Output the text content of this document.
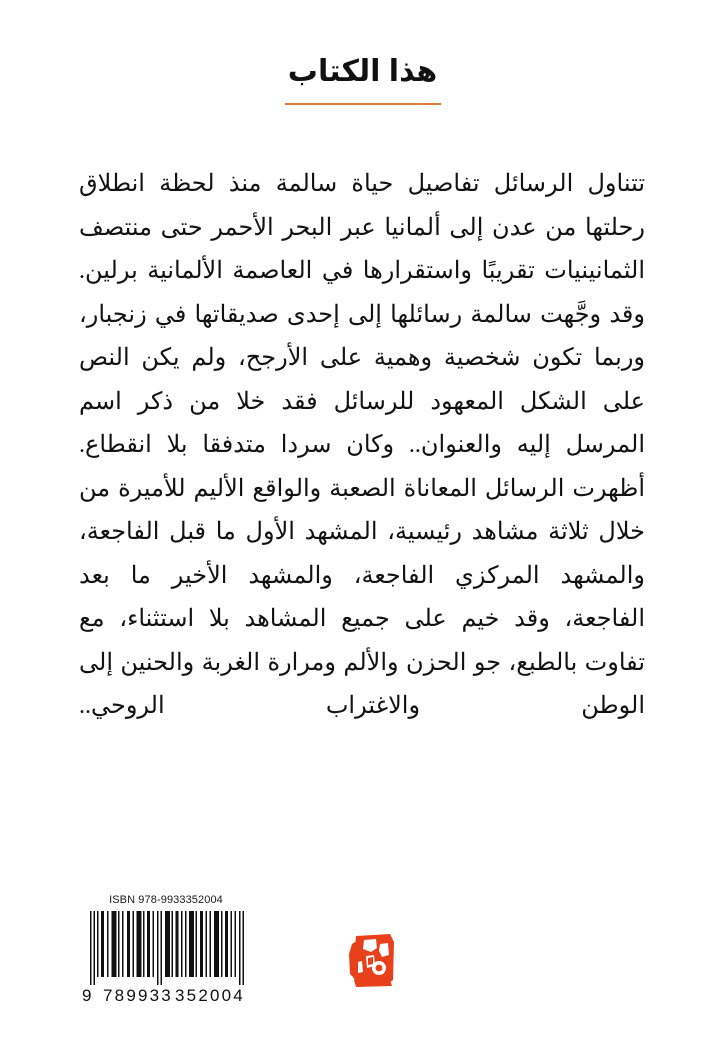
هذا الكتاب

تتناول الرسائل تفاصيل حياة سالمة منذ لحظة انطلاق رحلتها من عدن إلى ألمانيا عبر البحر الأحمر حتى منتصف الثمانينيات تقريبًا واستقرارها في العاصمة الألمانية برلين. وقد وجَّهت سالمة رسائلها إلى إحدى صديقاتها في زنجبار، وربما تكون شخصية وهمية على الأرجح، ولم يكن النص على الشكل المعهود للرسائل فقد خلا من ذكر اسم المرسل إليه والعنوان.. وكان سردا متدفقا بلا انقطاع. أظهرت الرسائل المعاناة الصعبة والواقع الأليم للأميرة من خلال ثلاثة مشاهد رئيسية، المشهد الأول ما قبل الفاجعة، والمشهد المركزي الفاجعة، والمشهد الأخير ما بعد الفاجعة، وقد خيم على جميع المشاهد بلا استثناء، مع تفاوت بالطبع، جو الحزن والألم ومرارة الغربة والحنين إلى الوطن والاغتراب الروحي..

ISBN 978-9933352004
9 789933 352004
